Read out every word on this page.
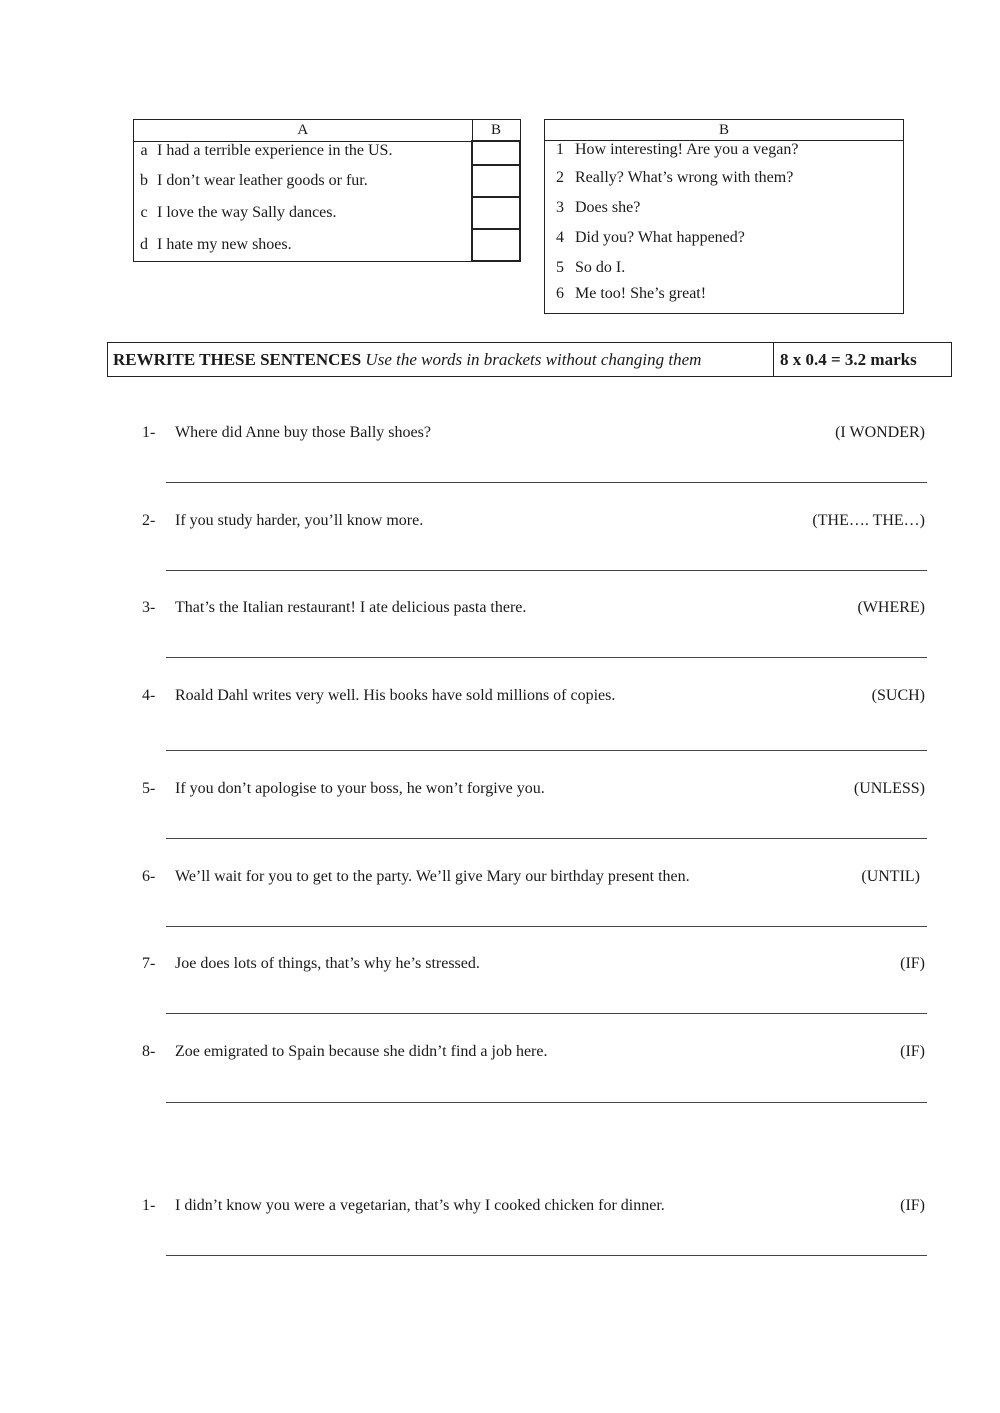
A		B
a	I had a terrible experience in the US.	
b	I don’t wear leather goods or fur.	
c	I love the way Sally dances.	
d	I hate my new shoes.	
B	
1	How interesting! Are you a vegan?
2	Really? What’s wrong with them?
3	Does she?
4	Did you? What happened?
5	So do I.
6	Me too! She’s great!
REWRITE THESE SENTENCES Use the words in brackets without changing them	8 x 0.4 = 3.2 marks
1- Where did Anne buy those Bally shoes?	(I WONDER)
2- If you study harder, you’ll know more.	(THE…. THE…)
3- That’s the Italian restaurant! I ate delicious pasta there.	(WHERE)
4- Roald Dahl writes very well. His books have sold millions of copies.	(SUCH)
5- If you don’t apologise to your boss, he won’t forgive you.	(UNLESS)
6- We’ll wait for you to get to the party. We’ll give Mary our birthday present then.	(UNTIL)
7- Joe does lots of things, that’s why he’s stressed.	(IF)
8- Zoe emigrated to Spain because she didn’t find a job here.	(IF)
1- I didn’t know you were a vegetarian, that’s why I cooked chicken for dinner.	(IF)
